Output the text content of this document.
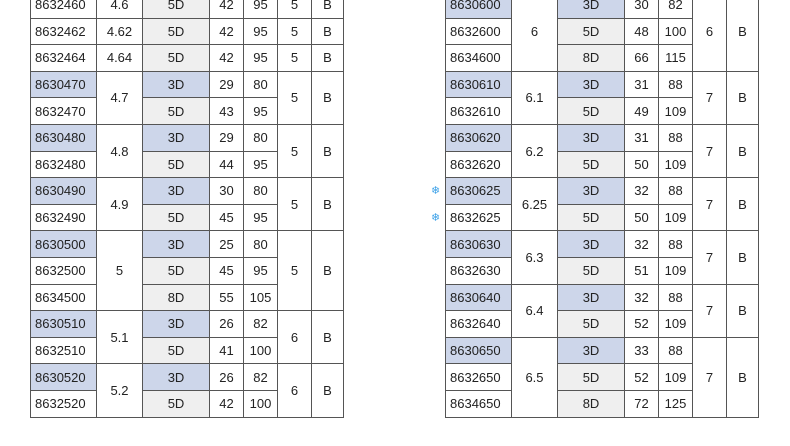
8632460	4.6	5D	42	95	5	B
8632462	4.62	5D	42	95	5	B
8632464	4.64	5D	42	95	5	B
8630470	4.7	3D	29	80	5	B
8632470		5D	43	95		
8630480	4.8	3D	29	80	5	B
8632480		5D	44	95		
8630490	4.9	3D	30	80	5	B
8632490		5D	45	95		
8630500	5	3D	25	80	5	B
8632500		5D	45	95		
8634500		8D	55	105		
8630510	5.1	3D	26	82	6	B
8632510		5D	41	100		
8630520	5.2	3D	26	82	6	B
8632520		5D	42	100		
8630600	6	3D	30	82	6	B
8632600		5D	48	100		
8634600		8D	66	115		
8630610	6.1	3D	31	88	7	B
8632610		5D	49	109		
8630620	6.2	3D	31	88	7	B
8632620		5D	50	109		
8630625	6.25	3D	32	88	7	B
8632625		5D	50	109		
8630630	6.3	3D	32	88	7	B
8632630		5D	51	109		
8630640	6.4	3D	32	88	7	B
8632640		5D	52	109		
8630650	6.5	3D	33	88	7	B
8632650		5D	52	109		
8634650		8D	72	125		
❄
❄
